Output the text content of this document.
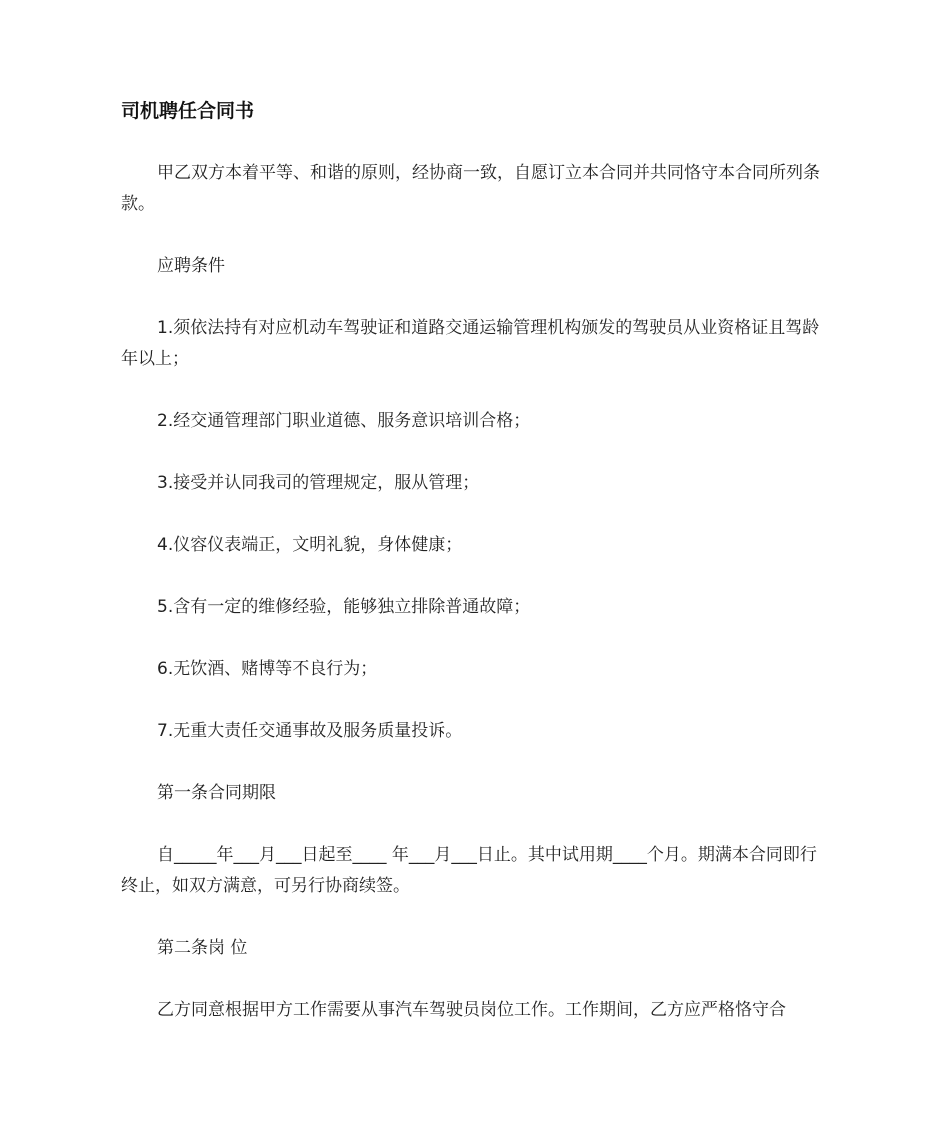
司机聘任合同书

甲乙双方本着平等、和谐的原则，经协商一致，自愿订立本合同并共同恪守本合同所列条款。

应聘条件

1.须依法持有对应机动车驾驶证和道路交通运输管理机构颁发的驾驶员从业资格证且驾龄 年以上；

2.经交通管理部门职业道德、服务意识培训合格；

3.接受并认同我司的管理规定，服从管理；

4.仪容仪表端正，文明礼貌，身体健康；

5.含有一定的维修经验，能够独立排除普通故障；

6.无饮酒、赌博等不良行为；

7.无重大责任交通事故及服务质量投诉。

第一条合同期限

自_____年___月___日起至____ 年___月___日止。其中试用期____个月。期满本合同即行终止，如双方满意，可另行协商续签。

第二条岗 位

乙方同意根据甲方工作需要从事汽车驾驶员岗位工作。工作期间，乙方应严格恪守合
